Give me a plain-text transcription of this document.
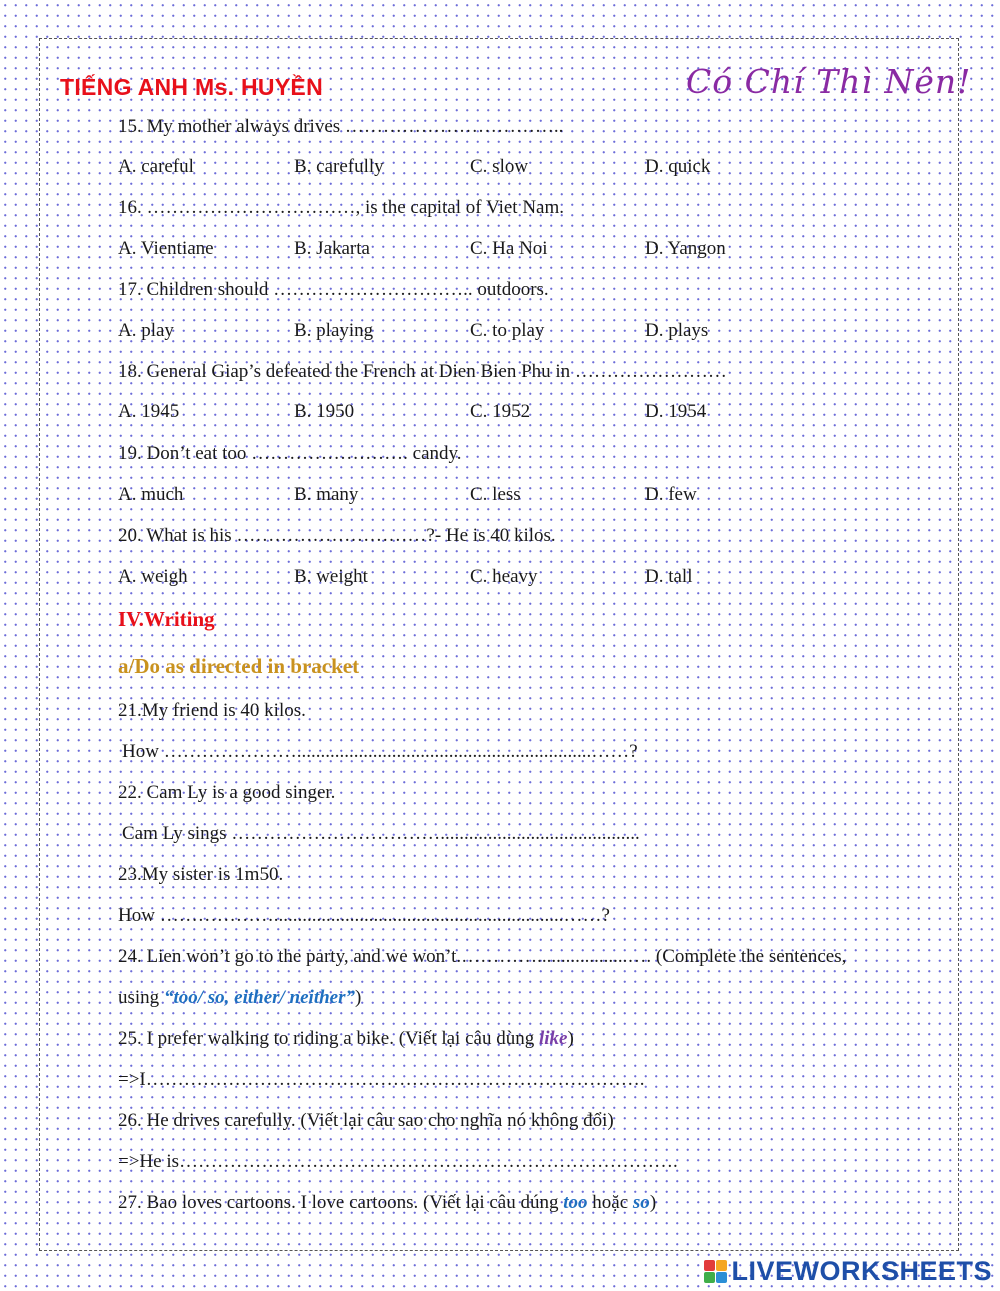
TIẾNG ANH Ms. HUYỀN	Có Chí Thì Nên!
15. My mother always drives ……………………………..
A. careful	B. carefully	C. slow	D. quick
16. ……………………………, is the capital of Viet Nam.
A. Vientiane	B. Jakarta	C. Ha Noi	D. Yangon
17. Children should ………………………….. outdoors.
A. play	B. playing	C. to play	D. plays
18. General Giap’s defeated the French at Dien Bien Phu in ……………………
A. 1945	B. 1950	C. 1952	D. 1954
19. Don’t eat too ……………………. candy.
A. much	B. many	C. less	D. few
20. What is his …………………………?- He is 40 kilos.
A. weigh	B. weight	C. heavy	D. tall
IV.Writing
a/Do as directed in bracket
21.My friend is 40 kilos.
How …………………..............................................................……?
22. Cam Ly is a good singer.
Cam Ly sings ……………………………..........................................
23.My sister is 1m50.
How ……………….............................................................……?
24. Lien won’t go to the party, and we won’t.…………...................…. (Complete the sentences,
using “too/ so, either/ neither”)
25. I prefer walking to riding a bike. (Viết lại câu dùng like)
=>I…………………………………………………………………….
26. He drives carefully. (Viết lại câu sao cho nghĩa nó không đổi)
=>He is…………………………………………………………………….
27. Bao loves cartoons. I love cartoons. (Viết lại câu dúng too hoặc so)
LIVEWORKSHEETS
